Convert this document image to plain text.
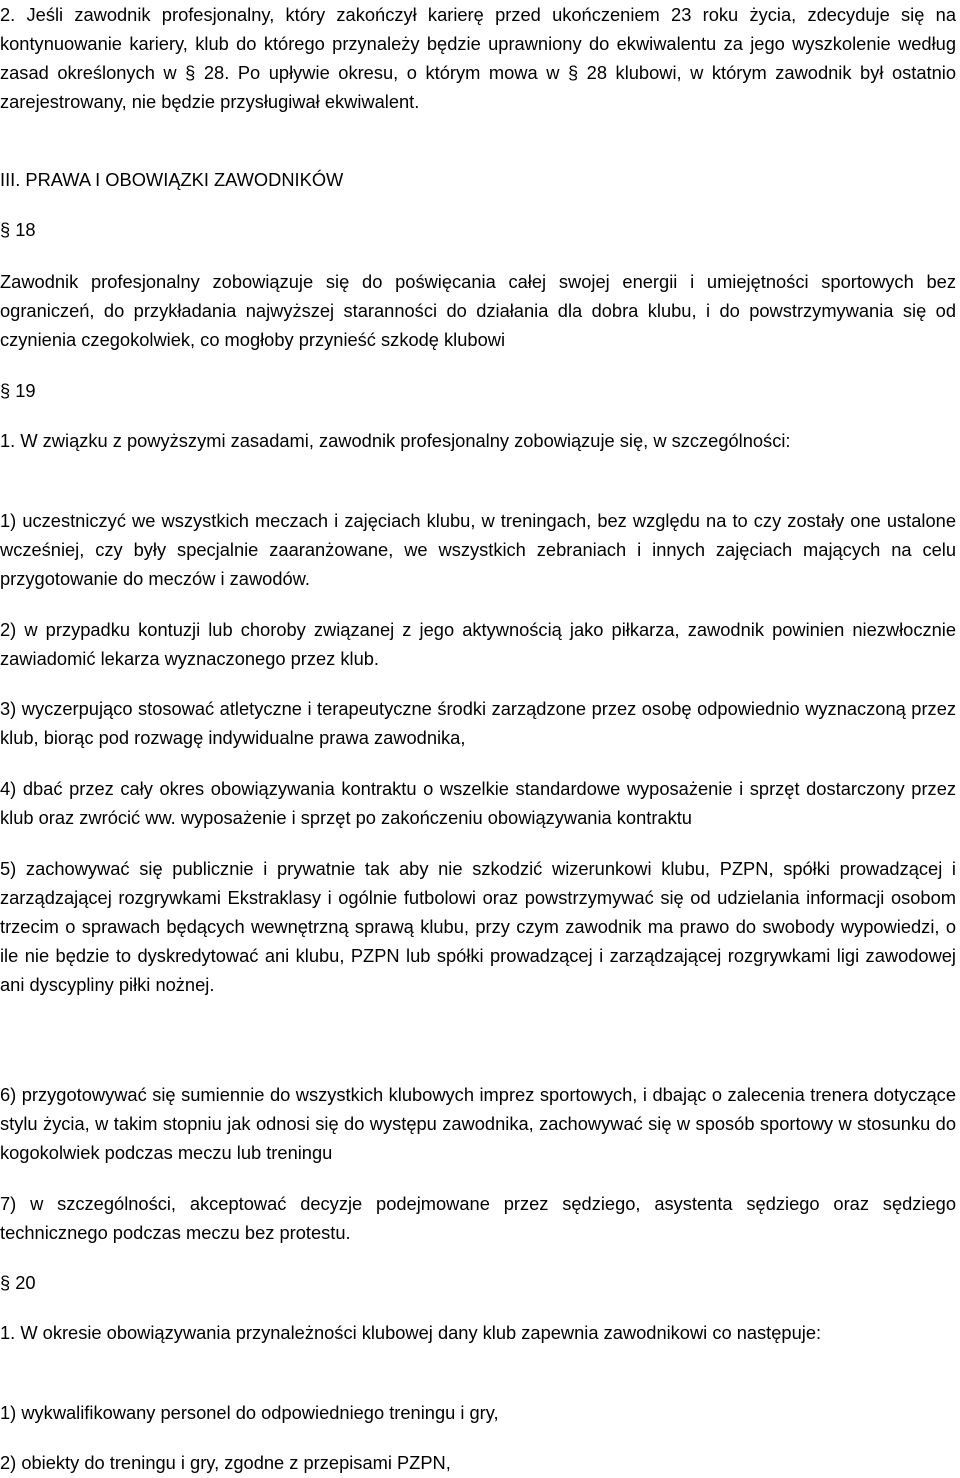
2. Jeśli zawodnik profesjonalny, który zakończył karierę przed ukończeniem 23 roku życia, zdecyduje się na kontynuowanie kariery, klub do którego przynależy będzie uprawniony do ekwiwalentu za jego wyszkolenie według zasad określonych w § 28. Po upływie okresu, o którym mowa w § 28 klubowi, w którym zawodnik był ostatnio zarejestrowany, nie będzie przysługiwał ekwiwalent.

III. PRAWA I OBOWIĄZKI ZAWODNIKÓW

§ 18

Zawodnik profesjonalny zobowiązuje się do poświęcania całej swojej energii i umiejętności sportowych bez ograniczeń, do przykładania najwyższej staranności do działania dla dobra klubu, i do powstrzymywania się od czynienia czegokolwiek, co mogłoby przynieść szkodę klubowi

§ 19

1. W związku z powyższymi zasadami, zawodnik profesjonalny zobowiązuje się, w szczególności:

1) uczestniczyć we wszystkich meczach i zajęciach klubu, w treningach, bez względu na to czy zostały one ustalone wcześniej, czy były specjalnie zaaranżowane, we wszystkich zebraniach i innych zajęciach mających na celu przygotowanie do meczów i zawodów.

2) w przypadku kontuzji lub choroby związanej z jego aktywnością jako piłkarza, zawodnik powinien niezwłocznie zawiadomić lekarza wyznaczonego przez klub.

3) wyczerpująco stosować atletyczne i terapeutyczne środki zarządzone przez osobę odpowiednio wyznaczoną przez klub, biorąc pod rozwagę indywidualne prawa zawodnika,

4) dbać przez cały okres obowiązywania kontraktu o wszelkie standardowe wyposażenie i sprzęt dostarczony przez klub oraz zwrócić ww. wyposażenie i sprzęt po zakończeniu obowiązywania kontraktu

5) zachowywać się publicznie i prywatnie tak aby nie szkodzić wizerunkowi klubu, PZPN, spółki prowadzącej i zarządzającej rozgrywkami Ekstraklasy i ogólnie futbolowi oraz powstrzymywać się od udzielania informacji osobom trzecim o sprawach będących wewnętrzną sprawą klubu, przy czym zawodnik ma prawo do swobody wypowiedzi, o ile nie będzie to dyskredytować ani klubu, PZPN lub spółki prowadzącej i zarządzającej rozgrywkami ligi zawodowej ani dyscypliny piłki nożnej.

6) przygotowywać się sumiennie do wszystkich klubowych imprez sportowych, i dbając o zalecenia trenera dotyczące stylu życia, w takim stopniu jak odnosi się do występu zawodnika, zachowywać się w sposób sportowy w stosunku do kogokolwiek podczas meczu lub treningu

7) w szczególności, akceptować decyzje podejmowane przez sędziego, asystenta sędziego oraz sędziego technicznego podczas meczu bez protestu.

§ 20

1. W okresie obowiązywania przynależności klubowej dany klub zapewnia zawodnikowi co następuje:

1) wykwalifikowany personel do odpowiedniego treningu i gry,

2) obiekty do treningu i gry, zgodne z przepisami PZPN,
